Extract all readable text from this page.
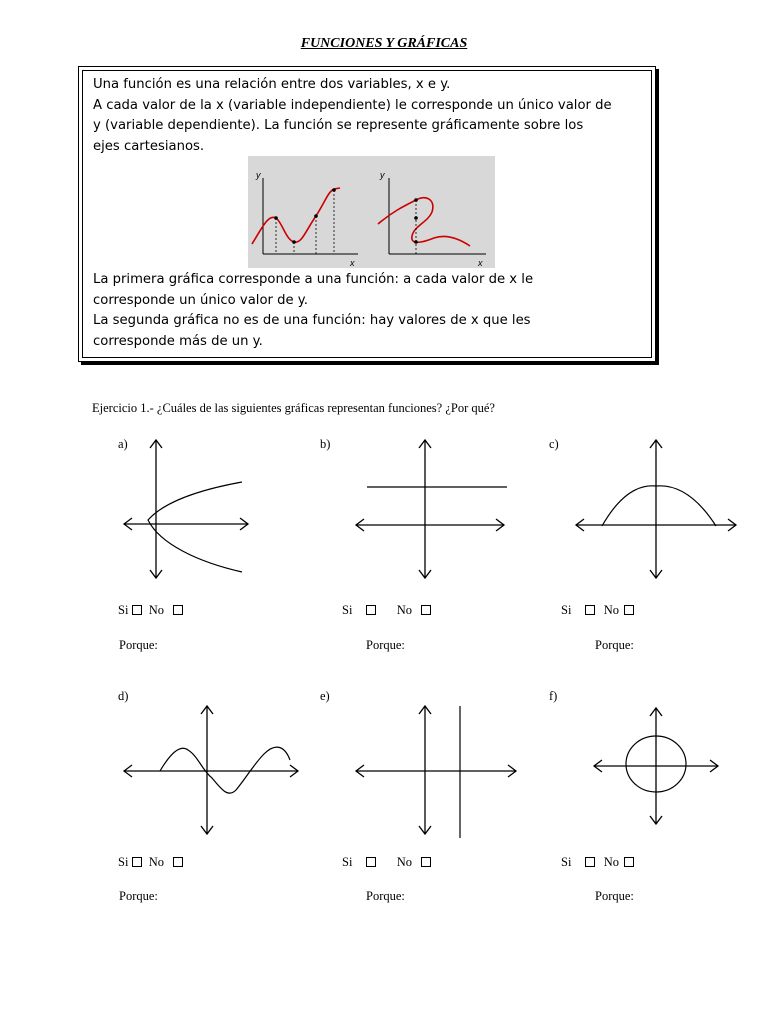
FUNCIONES Y GRÁFICAS
Una función es una relación entre dos variables, x e y.
A cada valor de la x (variable independiente) le corresponde un único valor de
y (variable dependiente). La función se represente gráficamente sobre los
ejes cartesianos.
y
x
y
x
La primera gráfica corresponde a una función: a cada valor de x le
corresponde un único valor de y.
La segunda gráfica no es de una función: hay valores de x que les
corresponde más de un y.
Ejercicio 1.- ¿Cuáles de las siguientes gráficas representan funciones? ¿Por qué?
a)	b)	c)
Si No	Si	No	Si	No
Porque:	Porque:	Porque:
d)	e)	f)
Si No	Si	No	Si	No
Porque:	Porque:	Porque:
